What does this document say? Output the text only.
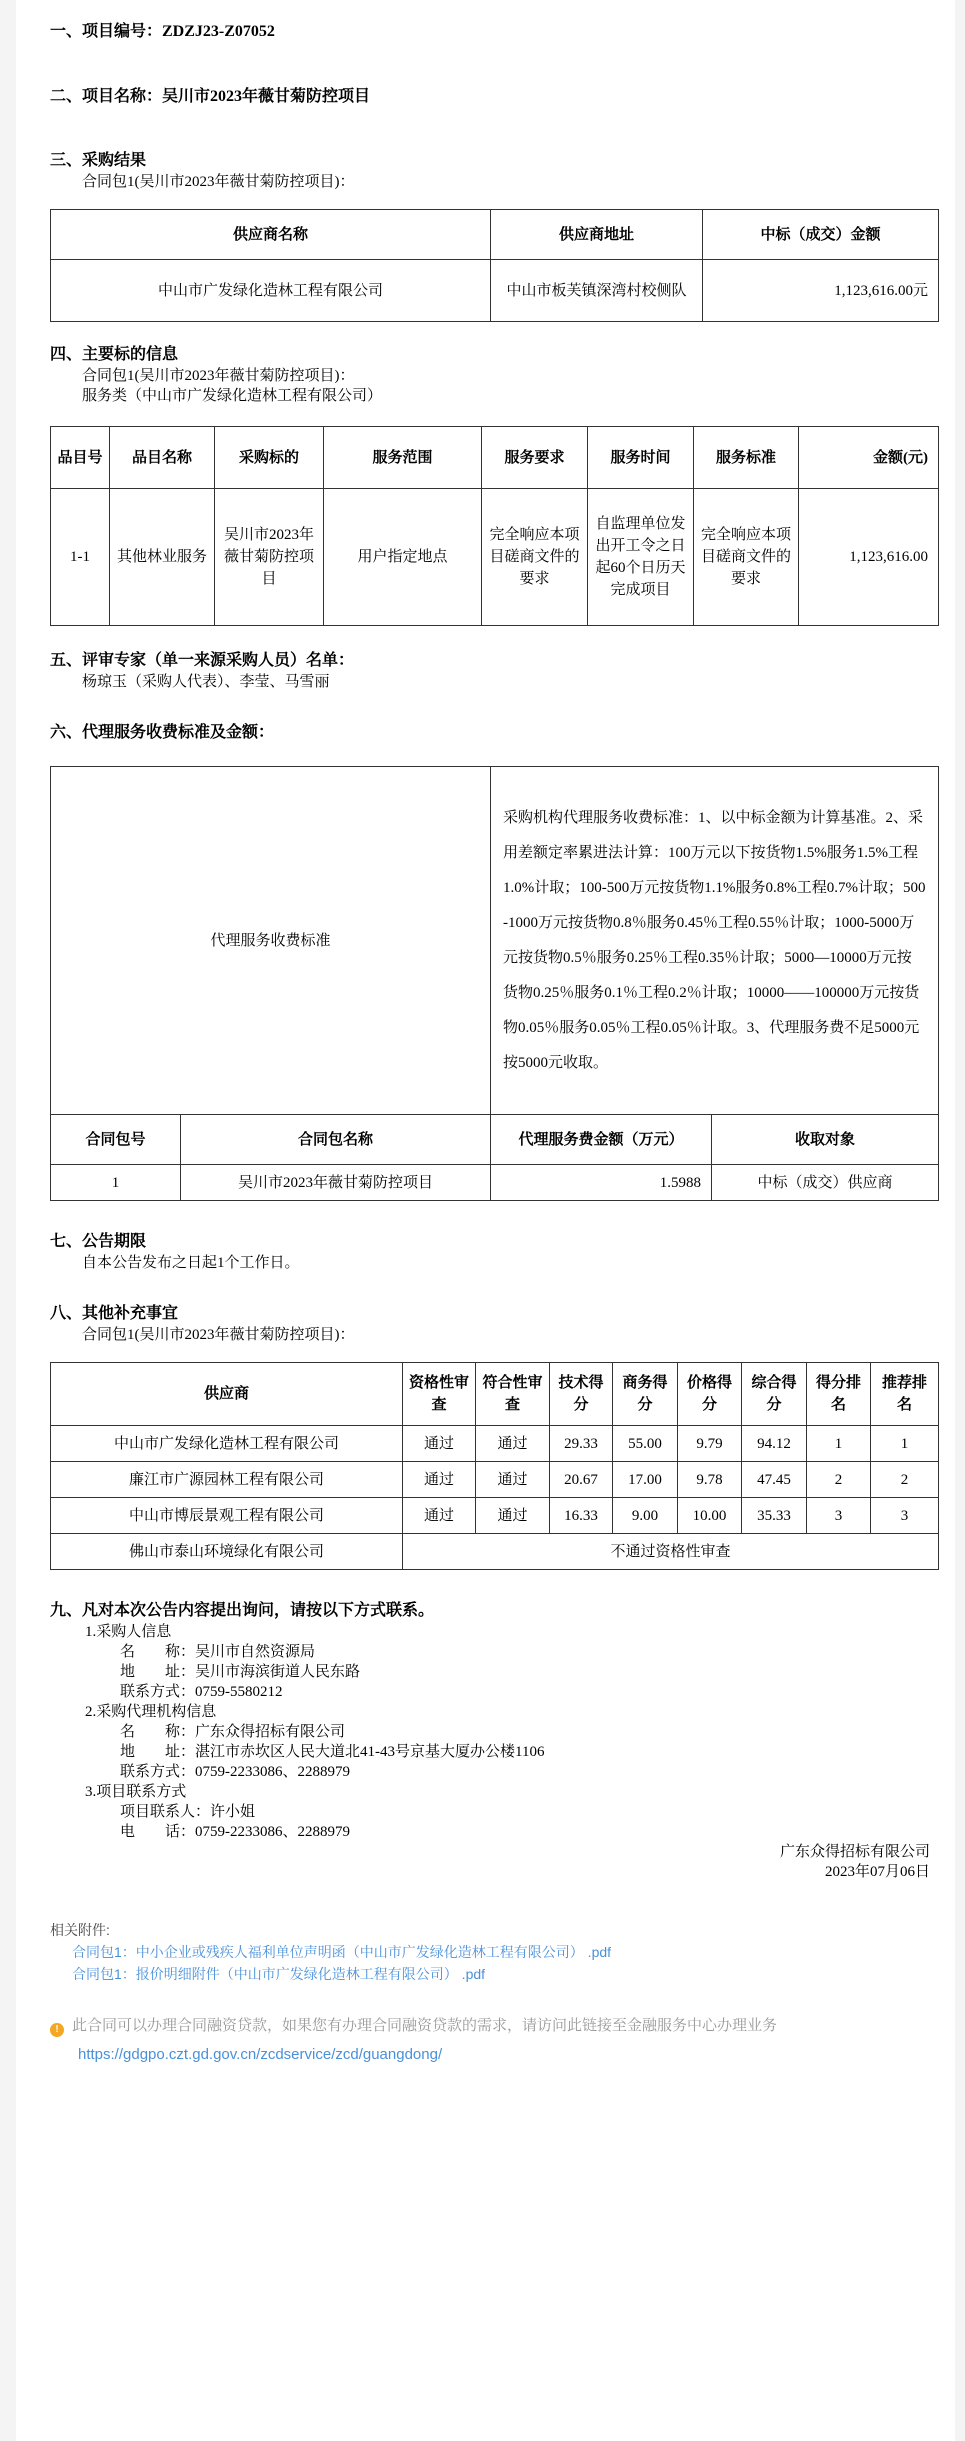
一、项目编号：ZDZJ23-Z07052
二、项目名称：吴川市2023年薇甘菊防控项目
三、采购结果

合同包1(吴川市2023年薇甘菊防控项目)：

供应商名称	供应商地址	中标（成交）金额
中山市广发绿化造林工程有限公司	中山市板芙镇深湾村校侧队	1,123,616.00元
四、主要标的信息

合同包1(吴川市2023年薇甘菊防控项目)：

服务类（中山市广发绿化造林工程有限公司）

品目号	品目名称	采购标的	服务范围	服务要求	服务时间	服务标准	金额(元)
1-1	其他林业服务	吴川市2023年薇甘菊防控项目	用户指定地点	完全响应本项目磋商文件的要求	自监理单位发出开工令之日起60个日历天完成项目	完全响应本项目磋商文件的要求	1,123,616.00
五、评审专家（单一来源采购人员）名单：

杨琼玉（采购人代表）、李莹、马雪丽

六、代理服务收费标准及金额：
代理服务收费标准	采购机构代理服务收费标准：1、以中标金额为计算基准。2、采用差额定率累进法计算：100万元以下按货物1.5%服务1.5%工程1.0%计取；100-500万元按货物1.1%服务0.8%工程0.7%计取；500-1000万元按货物0.8％服务0.45％工程0.55％计取；1000-5000万元按货物0.5％服务0.25％工程0.35％计取；5000—10000万元按货物0.25％服务0.1％工程0.2％计取；10000——100000万元按货物0.05％服务0.05％工程0.05％计取。3、代理服务费不足5000元按5000元收取。
合同包号	合同包名称	代理服务费金额（万元）	收取对象
1	吴川市2023年薇甘菊防控项目	1.5988	中标（成交）供应商
七、公告期限

自本公告发布之日起1个工作日。

八、其他补充事宜

合同包1(吴川市2023年薇甘菊防控项目)：

供应商	资格性审查	符合性审查	技术得分	商务得分	价格得分	综合得分	得分排名	推荐排名
中山市广发绿化造林工程有限公司	通过	通过	29.33	55.00	9.79	94.12	1	1
廉江市广源园林工程有限公司	通过	通过	20.67	17.00	9.78	47.45	2	2
中山市博辰景观工程有限公司	通过	通过	16.33	9.00	10.00	35.33	3	3
佛山市泰山环境绿化有限公司	不通过资格性审查							
九、凡对本次公告内容提出询问，请按以下方式联系。

1.采购人信息

名　　称：吴川市自然资源局

地　　址：吴川市海滨街道人民东路

联系方式：0759-5580212

2.采购代理机构信息

名　　称：广东众得招标有限公司

地　　址：湛江市赤坎区人民大道北41-43号京基大厦办公楼1106

联系方式：0759-2233086、2288979

3.项目联系方式

项目联系人：许小姐

电　　话：0759-2233086、2288979

广东众得招标有限公司

2023年07月06日

相关附件:

合同包1：中小企业或残疾人福利单位声明函（中山市广发绿化造林工程有限公司） .pdf
合同包1：报价明细附件（中山市广发绿化造林工程有限公司） .pdf

! 此合同可以办理合同融资贷款，如果您有办理合同融资贷款的需求，请访问此链接至金融服务中心办理业务

https://gdgpo.czt.gd.gov.cn/zcdservice/zcd/guangdong/
